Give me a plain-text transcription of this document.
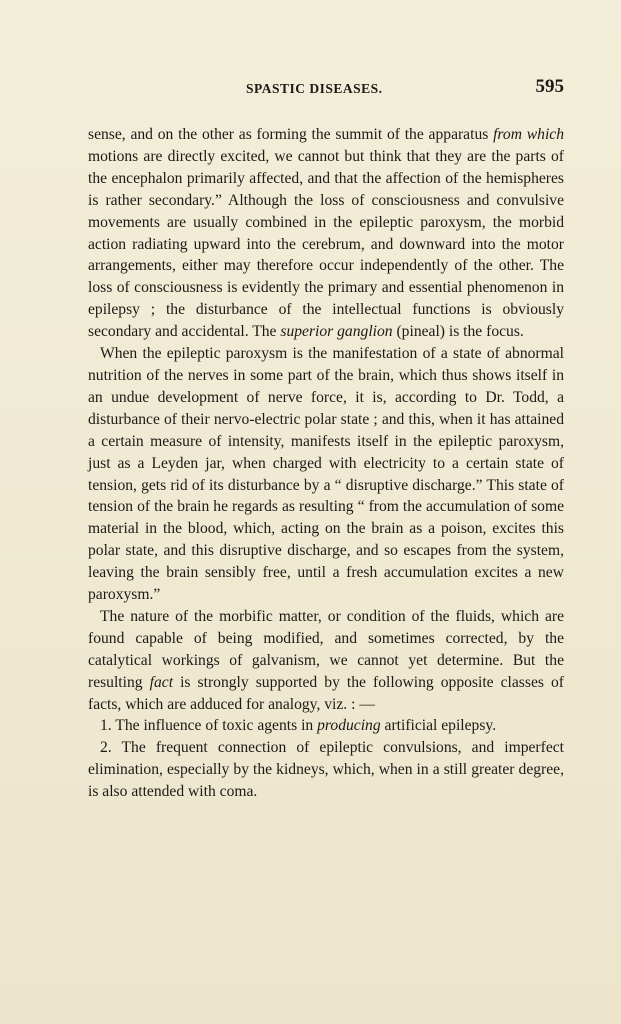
SPASTIC DISEASES.	595

sense, and on the other as forming the summit of the apparatus from which motions are directly excited, we cannot but think that they are the parts of the encephalon primarily affected, and that the affection of the hemispheres is rather secondary.” Although the loss of consciousness and convulsive movements are usually combined in the epileptic paroxysm, the morbid action radiating upward into the cerebrum, and downward into the motor arrangements, either may therefore occur independently of the other. The loss of consciousness is evidently the primary and essential phenomenon in epilepsy ; the disturbance of the intellectual functions is obviously secondary and accidental. The superior ganglion (pineal) is the focus.

When the epileptic paroxysm is the manifestation of a state of abnormal nutrition of the nerves in some part of the brain, which thus shows itself in an undue development of nerve force, it is, according to Dr. Todd, a disturbance of their nervo-electric polar state ; and this, when it has attained a certain measure of intensity, manifests itself in the epileptic paroxysm, just as a Leyden jar, when charged with electricity to a certain state of tension, gets rid of its disturbance by a “ disruptive discharge.” This state of tension of the brain he regards as resulting “ from the accumulation of some material in the blood, which, acting on the brain as a poison, excites this polar state, and this disruptive discharge, and so escapes from the system, leaving the brain sensibly free, until a fresh accumulation excites a new paroxysm.”

The nature of the morbific matter, or condition of the fluids, which are found capable of being modified, and sometimes corrected, by the catalytical workings of galvanism, we cannot yet determine. But the resulting fact is strongly supported by the following opposite classes of facts, which are adduced for analogy, viz. : —

1. The influence of toxic agents in producing artificial epilepsy.

2. The frequent connection of epileptic convulsions, and imperfect elimination, especially by the kidneys, which, when in a still greater degree, is also attended with coma.
